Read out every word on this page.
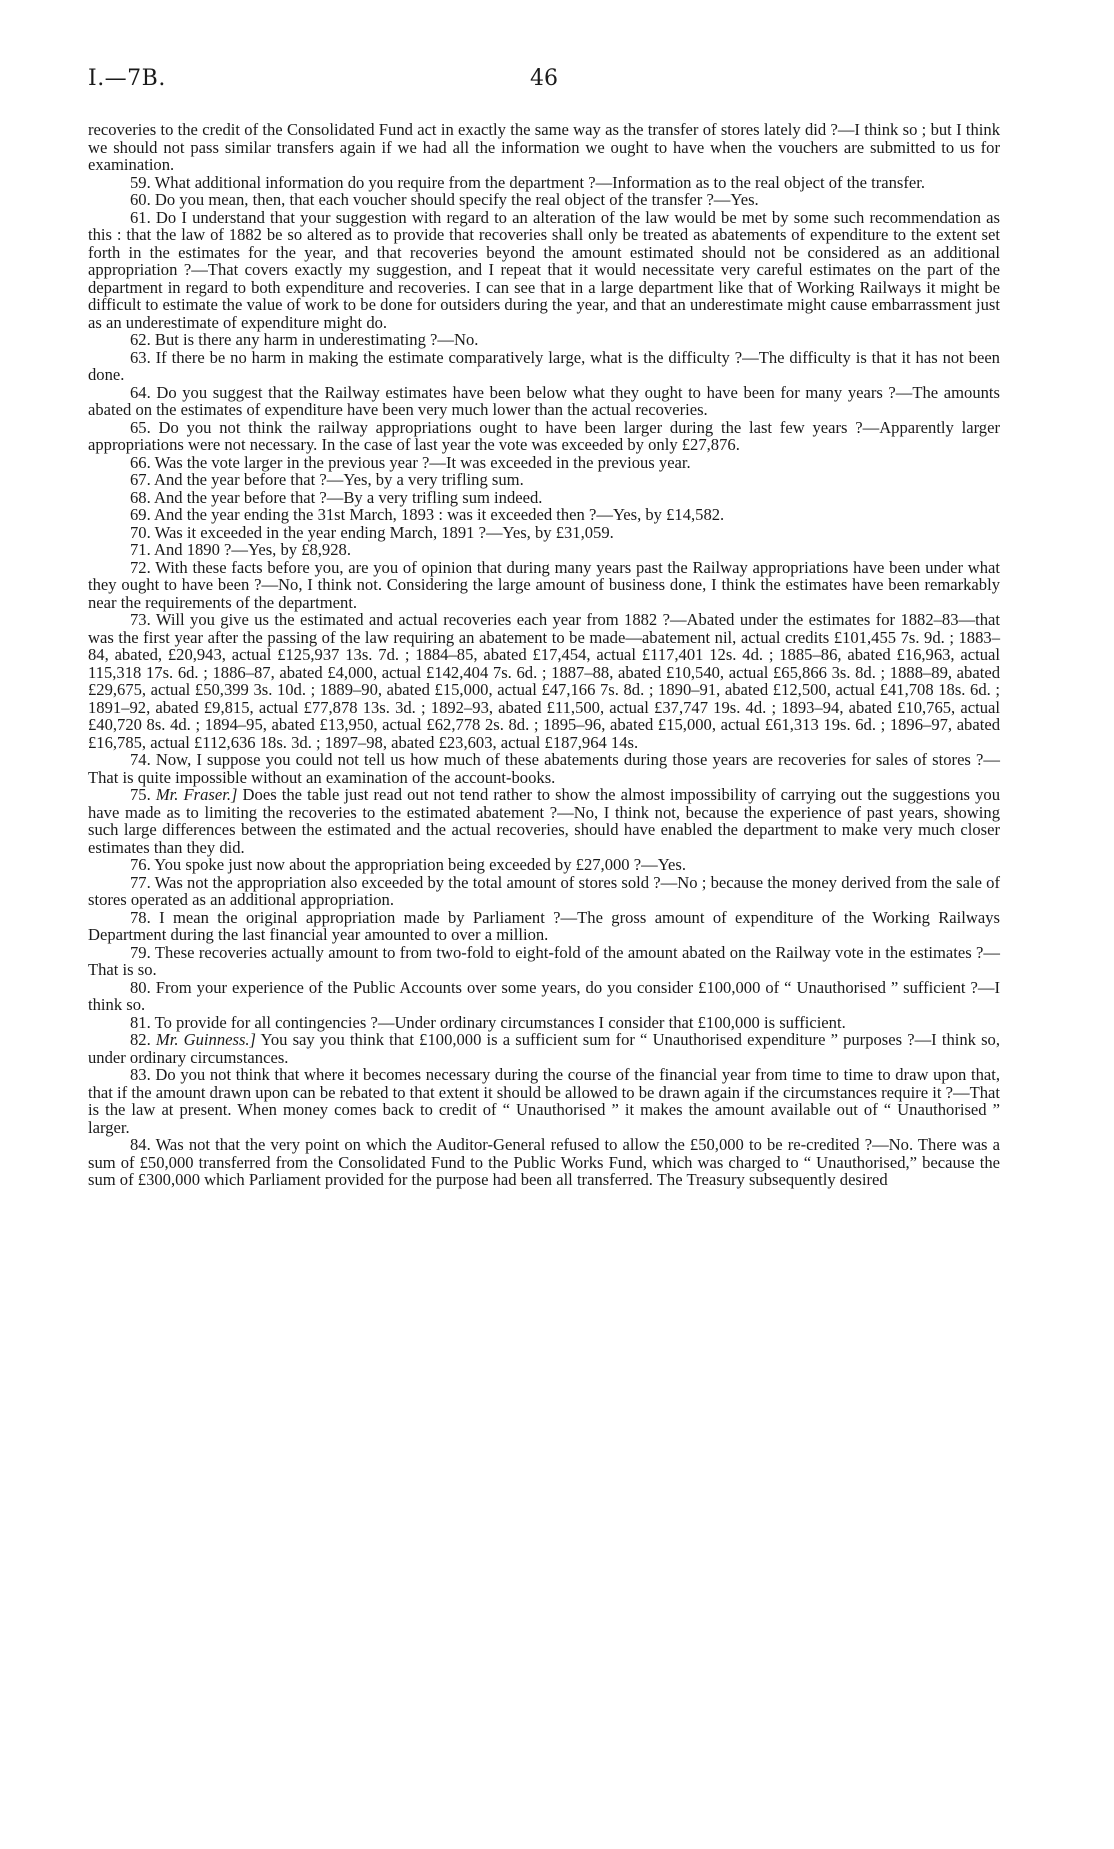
I.—7B.	46

recoveries to the credit of the Consolidated Fund act in exactly the same way as the transfer of stores lately did ?—I think so ; but I think we should not pass similar transfers again if we had all the information we ought to have when the vouchers are submitted to us for examination.

59. What additional information do you require from the department ?—Information as to the real object of the transfer.

60. Do you mean, then, that each voucher should specify the real object of the transfer ?—Yes.

61. Do I understand that your suggestion with regard to an alteration of the law would be met by some such recommendation as this : that the law of 1882 be so altered as to provide that recoveries shall only be treated as abatements of expenditure to the extent set forth in the estimates for the year, and that recoveries beyond the amount estimated should not be considered as an additional appropriation ?—That covers exactly my suggestion, and I repeat that it would necessitate very careful estimates on the part of the department in regard to both expenditure and recoveries. I can see that in a large department like that of Working Railways it might be difficult to estimate the value of work to be done for outsiders during the year, and that an underestimate might cause embarrassment just as an underestimate of expenditure might do.

62. But is there any harm in underestimating ?—No.

63. If there be no harm in making the estimate comparatively large, what is the difficulty ?—The difficulty is that it has not been done.

64. Do you suggest that the Railway estimates have been below what they ought to have been for many years ?—The amounts abated on the estimates of expenditure have been very much lower than the actual recoveries.

65. Do you not think the railway appropriations ought to have been larger during the last few years ?—Apparently larger appropriations were not necessary. In the case of last year the vote was exceeded by only £27,876.

66. Was the vote larger in the previous year ?—It was exceeded in the previous year.

67. And the year before that ?—Yes, by a very trifling sum.

68. And the year before that ?—By a very trifling sum indeed.

69. And the year ending the 31st March, 1893 : was it exceeded then ?—Yes, by £14,582.

70. Was it exceeded in the year ending March, 1891 ?—Yes, by £31,059.

71. And 1890 ?—Yes, by £8,928.

72. With these facts before you, are you of opinion that during many years past the Railway appropriations have been under what they ought to have been ?—No, I think not. Considering the large amount of business done, I think the estimates have been remarkably near the requirements of the department.

73. Will you give us the estimated and actual recoveries each year from 1882 ?—Abated under the estimates for 1882–83—that was the first year after the passing of the law requiring an abatement to be made—abatement nil, actual credits £101,455 7s. 9d. ; 1883–84, abated, £20,943, actual £125,937 13s. 7d. ; 1884–85, abated £17,454, actual £117,401 12s. 4d. ; 1885–86, abated £16,963, actual 115,318 17s. 6d. ; 1886–87, abated £4,000, actual £142,404 7s. 6d. ; 1887–88, abated £10,540, actual £65,866 3s. 8d. ; 1888–89, abated £29,675, actual £50,399 3s. 10d. ; 1889–90, abated £15,000, actual £47,166 7s. 8d. ; 1890–91, abated £12,500, actual £41,708 18s. 6d. ; 1891–92, abated £9,815, actual £77,878 13s. 3d. ; 1892–93, abated £11,500, actual £37,747 19s. 4d. ; 1893–94, abated £10,765, actual £40,720 8s. 4d. ; 1894–95, abated £13,950, actual £62,778 2s. 8d. ; 1895–96, abated £15,000, actual £61,313 19s. 6d. ; 1896–97, abated £16,785, actual £112,636 18s. 3d. ; 1897–98, abated £23,603, actual £187,964 14s.

74. Now, I suppose you could not tell us how much of these abatements during those years are recoveries for sales of stores ?—That is quite impossible without an examination of the account-books.

75. Mr. Fraser.] Does the table just read out not tend rather to show the almost impossibility of carrying out the suggestions you have made as to limiting the recoveries to the estimated abatement ?—No, I think not, because the experience of past years, showing such large differences between the estimated and the actual recoveries, should have enabled the department to make very much closer estimates than they did.

76. You spoke just now about the appropriation being exceeded by £27,000 ?—Yes.

77. Was not the appropriation also exceeded by the total amount of stores sold ?—No ; because the money derived from the sale of stores operated as an additional appropriation.

78. I mean the original appropriation made by Parliament ?—The gross amount of expenditure of the Working Railways Department during the last financial year amounted to over a million.

79. These recoveries actually amount to from two-fold to eight-fold of the amount abated on the Railway vote in the estimates ?—That is so.

80. From your experience of the Public Accounts over some years, do you consider £100,000 of “ Unauthorised ” sufficient ?—I think so.

81. To provide for all contingencies ?—Under ordinary circumstances I consider that £100,000 is sufficient.

82. Mr. Guinness.] You say you think that £100,000 is a sufficient sum for “ Unauthorised expenditure ” purposes ?—I think so, under ordinary circumstances.

83. Do you not think that where it becomes necessary during the course of the financial year from time to time to draw upon that, that if the amount drawn upon can be rebated to that extent it should be allowed to be drawn again if the circumstances require it ?—That is the law at present. When money comes back to credit of “ Unauthorised ” it makes the amount available out of “ Unauthorised ” larger.

84. Was not that the very point on which the Auditor-General refused to allow the £50,000 to be re-credited ?—No. There was a sum of £50,000 transferred from the Consolidated Fund to the Public Works Fund, which was charged to “ Unauthorised,” because the sum of £300,000 which Parliament provided for the purpose had been all transferred. The Treasury subsequently desired
